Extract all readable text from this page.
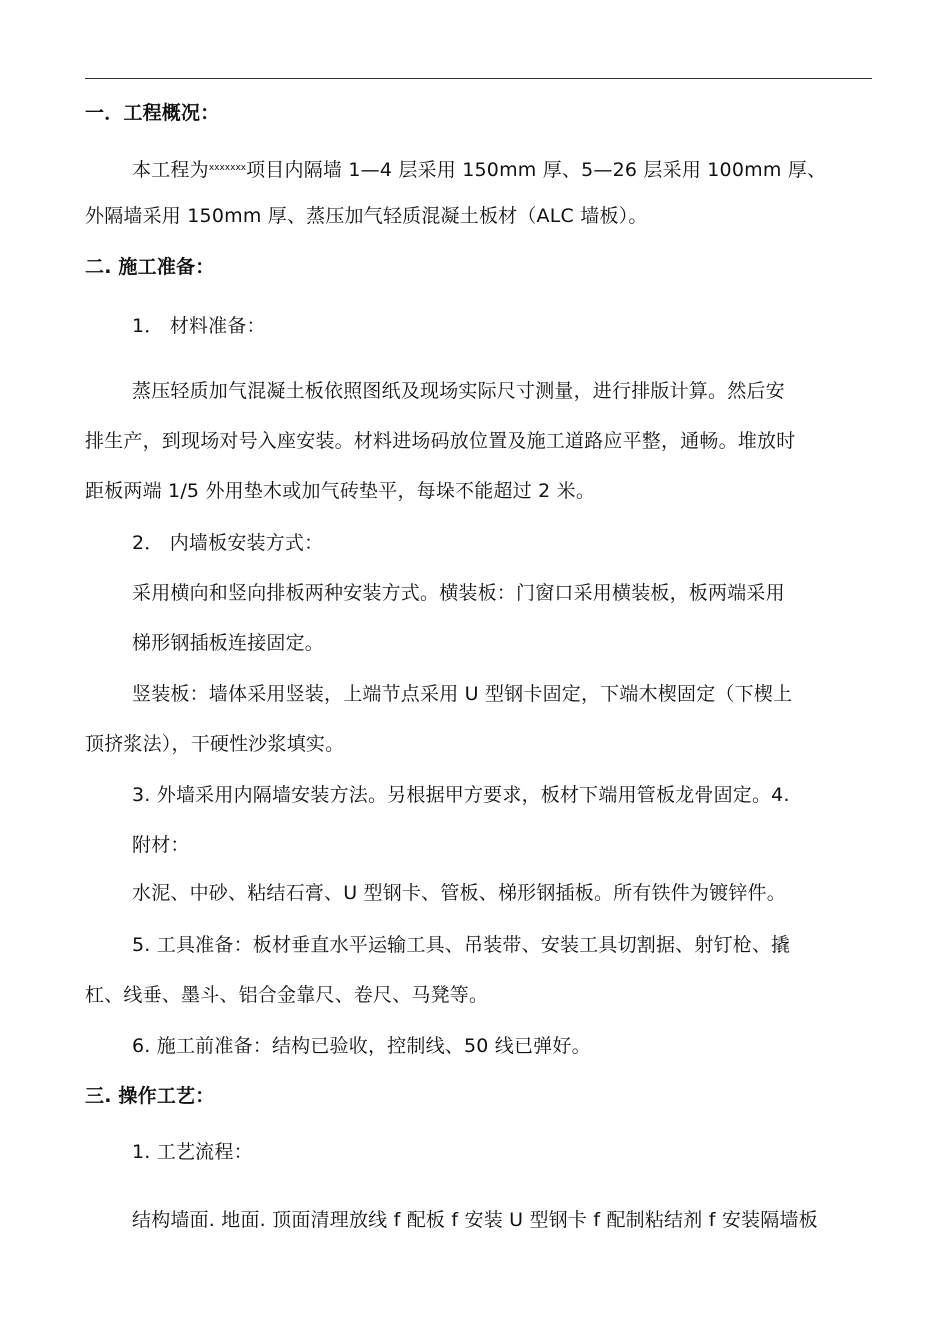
一．工程概况：
本工程为$^{xxxxxxx}$项目内隔墙 1—4 层采用 150mm 厚、5—26 层采用 100mm 厚、
外隔墙采用 150mm 厚、蒸压加气轻质混凝土板材（ALC 墙板）。
二. 施工准备：
1． 材料准备：
蒸压轻质加气混凝土板依照图纸及现场实际尺寸测量，进行排版计算。然后安
排生产，到现场对号入座安装。材料进场码放位置及施工道路应平整，通畅。堆放时
距板两端 1/5 外用垫木或加气砖垫平，每垛不能超过 2 米。
2． 内墙板安装方式：
采用横向和竖向排板两种安装方式。横装板：门窗口采用横装板，板两端采用
梯形钢插板连接固定。
竖装板：墙体采用竖装，上端节点采用 U 型钢卡固定，下端木楔固定（下楔上
顶挤浆法），干硬性沙浆填实。
3. 外墙采用内隔墙安装方法。另根据甲方要求，板材下端用管板龙骨固定。4.
附材：
水泥、中砂、粘结石膏、U 型钢卡、管板、梯形钢插板。所有铁件为镀锌件。
5. 工具准备：板材垂直水平运输工具、吊装带、安装工具切割据、射钉枪、撬
杠、线垂、墨斗、铝合金靠尺、卷尺、马凳等。
6. 施工前准备：结构已验收，控制线、50 线已弹好。
三. 操作工艺：
1. 工艺流程：
结构墙面. 地面. 顶面清理放线 f 配板 f 安装 U 型钢卡 f 配制粘结剂 f 安装隔墙板
